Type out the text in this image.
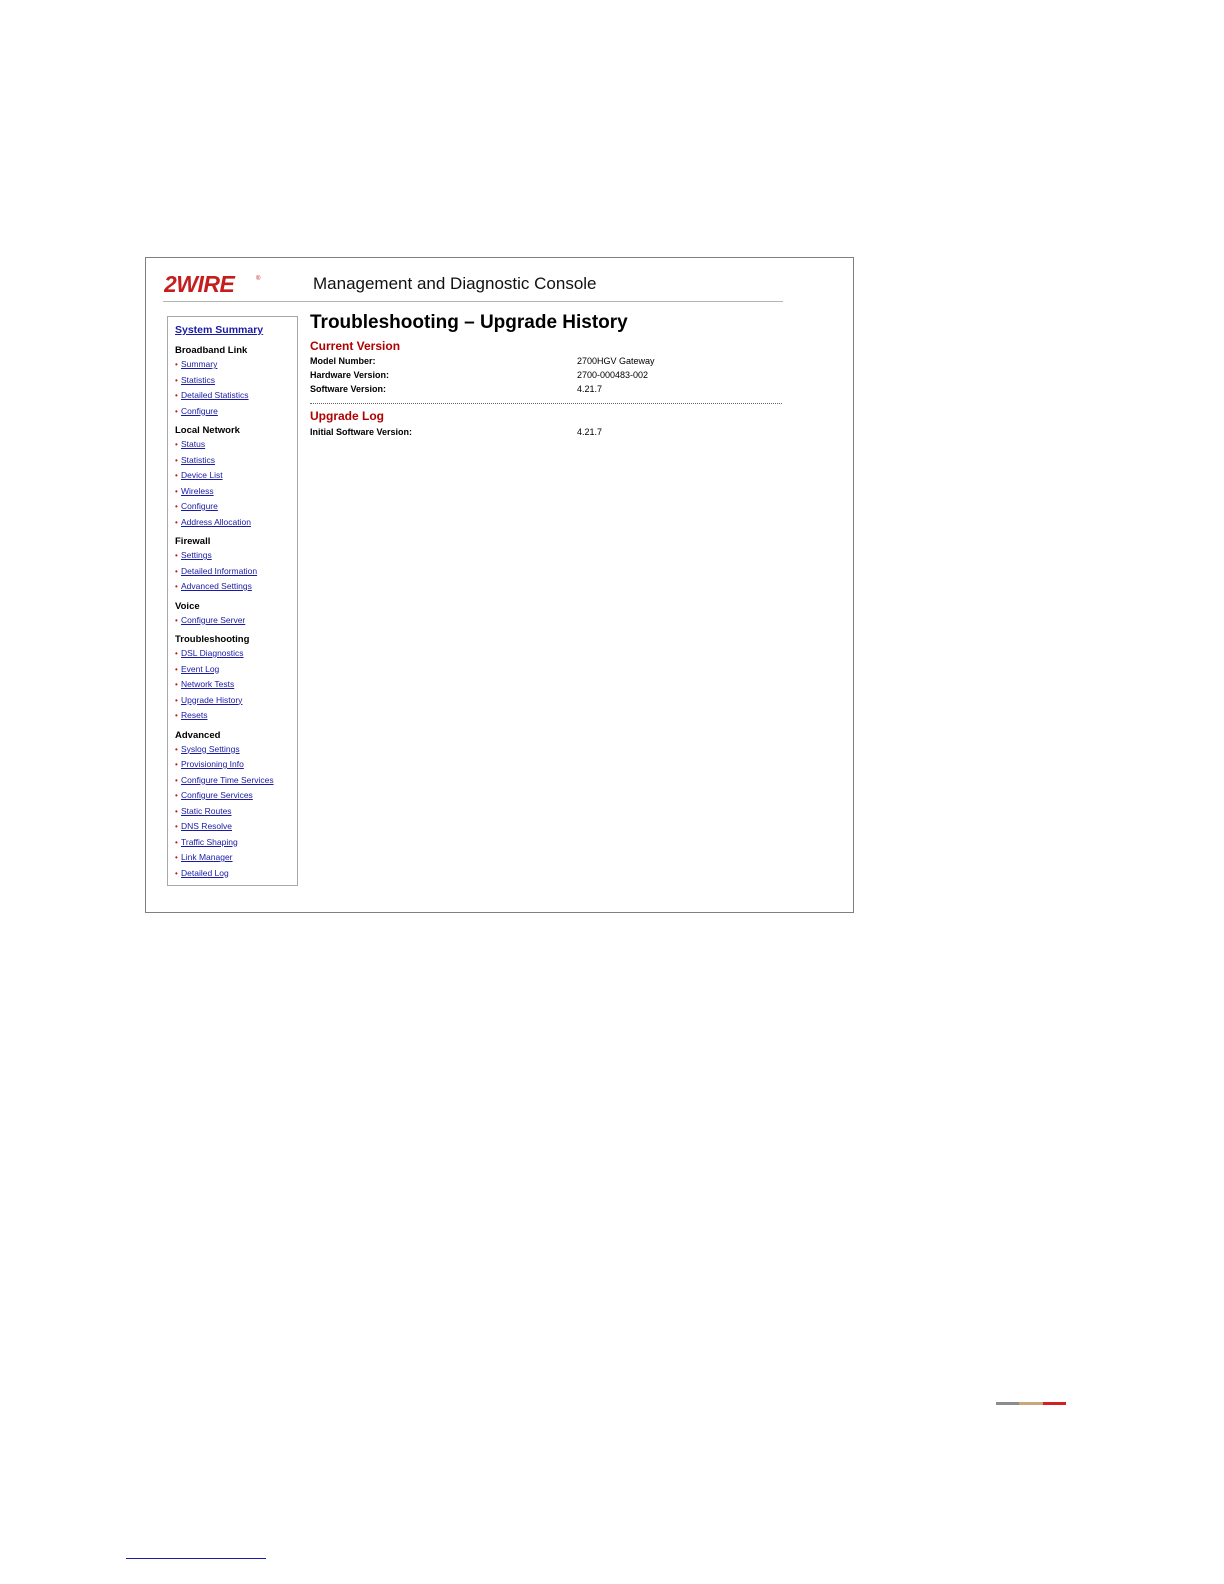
2WIRE	®	Management and Diagnostic Console
System Summary
Broadband Link
• Summary
• Statistics
• Detailed Statistics
• Configure
Local Network
• Status
• Statistics
• Device List
• Wireless
• Configure
• Address Allocation
Firewall
• Settings
• Detailed Information
• Advanced Settings
Voice
• Configure Server
Troubleshooting
• DSL Diagnostics
• Event Log
• Network Tests
• Upgrade History
• Resets
Advanced
• Syslog Settings
• Provisioning Info
• Configure Time Services
• Configure Services
• Static Routes
• DNS Resolve
• Traffic Shaping
• Link Manager
• Detailed Log
Troubleshooting – Upgrade History
Current Version
Model Number:	2700HGV Gateway
Hardware Version:	2700-000483-002
Software Version:	4.21.7
Upgrade Log
Initial Software Version:	4.21.7
